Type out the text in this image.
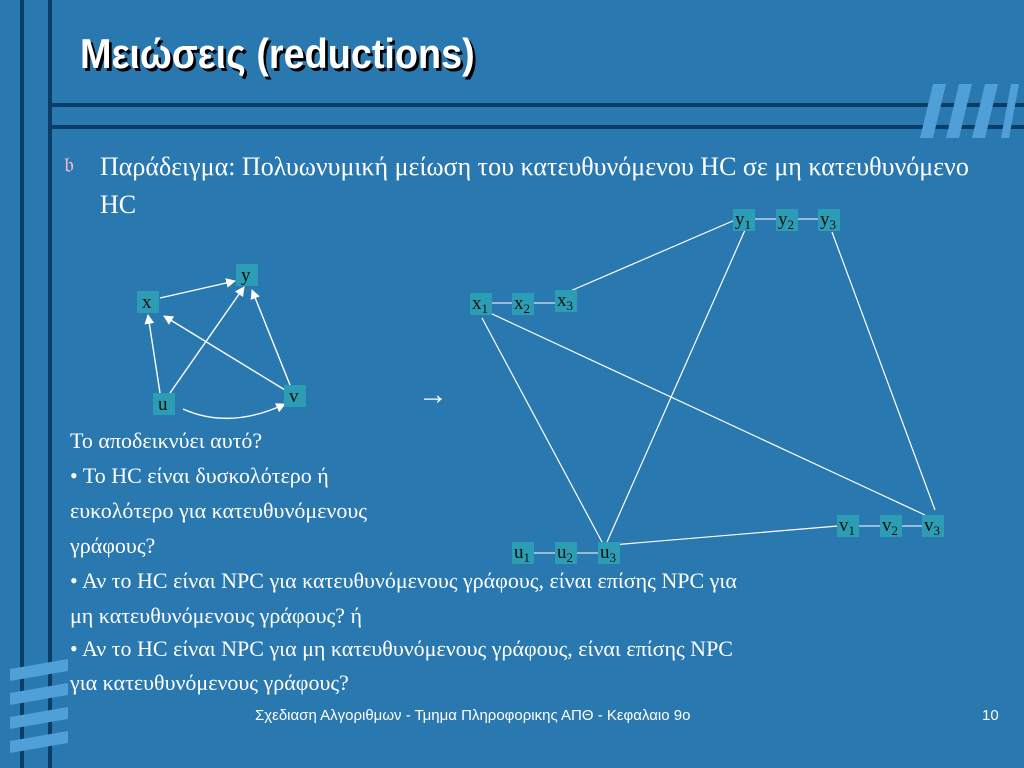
Μειώσεις (reductions)
𝔟 Παράδειγμα: Πολυωνυμική μείωση του κατευθυνόμενου HC σε μη κατευθυνόμενο HC
x
y
u	v
$x_1$ $x_2$ $x_3$
$y_1$ $y_2$ $y_3$
$u_1$ $u_2$ $u_3$
$v_1$ $v_2$ $v_3$
→
Το αποδεικνύει αυτό?
• Το HC είναι δυσκολότερο ή
ευκολότερο για κατευθυνόμενους
γράφους?
• Αν το HC είναι NPC για κατευθυνόμενους γράφους, είναι επίσης NPC για
μη κατευθυνόμενους γράφους? ή
• Αν το HC είναι NPC για μη κατευθυνόμενους γράφους, είναι επίσης NPC
για κατευθυνόμενους γράφους?
Σχεδιαση Αλγοριθμων - Τμημα Πληροφορικης ΑΠΘ - Κεφαλαιο 9ο	10
